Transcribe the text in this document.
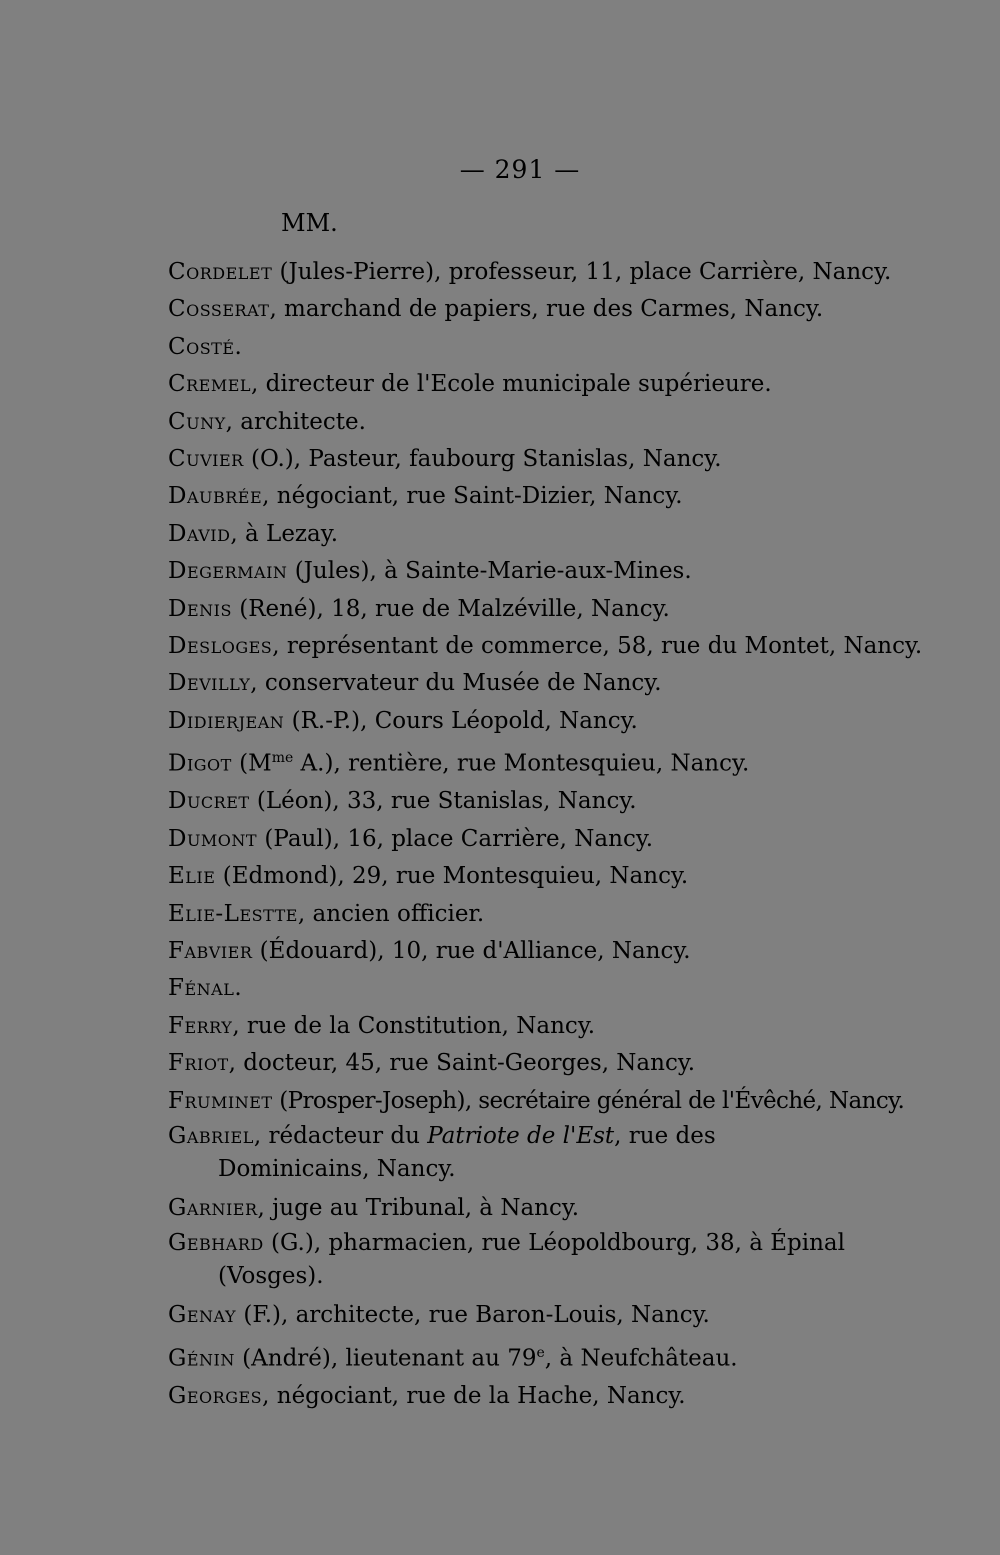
— 291 —
MM.
Cordelet (Jules-Pierre), professeur, 11, place Carrière, Nancy.
Cosserat, marchand de papiers, rue des Carmes, Nancy.
Costé.
Cremel, directeur de l'Ecole municipale supérieure.
Cuny, architecte.
Cuvier (O.), Pasteur, faubourg Stanislas, Nancy.
Daubrée, négociant, rue Saint-Dizier, Nancy.
David, à Lezay.
Degermain (Jules), à Sainte-Marie-aux-Mines.
Denis (René), 18, rue de Malzéville, Nancy.
Desloges, représentant de commerce, 58, rue du Montet, Nancy.
Devilly, conservateur du Musée de Nancy.
Didierjean (R.-P.), Cours Léopold, Nancy.
Digot ($M^{me}$ A.), rentière, rue Montesquieu, Nancy.
Ducret (Léon), 33, rue Stanislas, Nancy.
Dumont (Paul), 16, place Carrière, Nancy.
Elie (Edmond), 29, rue Montesquieu, Nancy.
Elie-Lestte, ancien officier.
Fabvier (Édouard), 10, rue d'Alliance, Nancy.
Fénal.
Ferry, rue de la Constitution, Nancy.
Friot, docteur, 45, rue Saint-Georges, Nancy.
Fruminet (Prosper-Joseph), secrétaire général de l'Évêché, Nancy.
Gabriel, rédacteur du Patriote de l'Est, rue des Dominicains, Nancy.
Garnier, juge au Tribunal, à Nancy.
Gebhard (G.), pharmacien, rue Léopoldbourg, 38, à Épinal (Vosges).
Genay (F.), architecte, rue Baron-Louis, Nancy.
Génin (André), lieutenant au 79e, à Neufchâteau.
Georges, négociant, rue de la Hache, Nancy.
